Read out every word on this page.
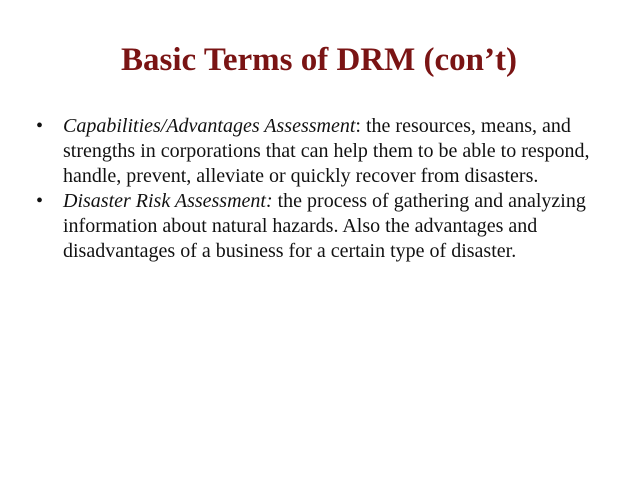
Basic Terms of DRM (con’t)
• Capabilities/Advantages Assessment: the resources, means, and strengths in corporations that can help them to be able to respond, handle, prevent, alleviate or quickly recover from disasters.
• Disaster Risk Assessment: the process of gathering and analyzing information about natural hazards. Also the advantages and disadvantages of a business for a certain type of disaster.
